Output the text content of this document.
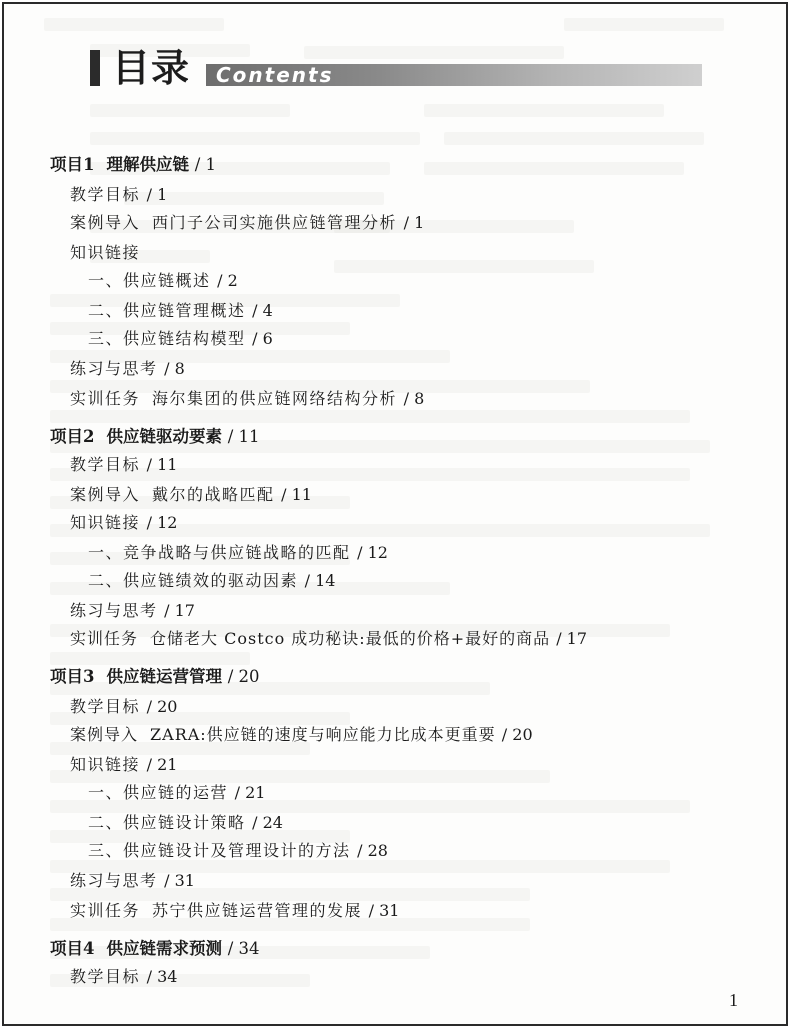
目录 Contents
项目1 理解供应链 / 1
教学目标 / 1
案例导入 西门子公司实施供应链管理分析 / 1
知识链接
一、供应链概述 / 2
二、供应链管理概述 / 4
三、供应链结构模型 / 6
练习与思考 / 8
实训任务 海尔集团的供应链网络结构分析 / 8
项目2 供应链驱动要素 / 11
教学目标 / 11
案例导入 戴尔的战略匹配 / 11
知识链接 / 12
一、竞争战略与供应链战略的匹配 / 12
二、供应链绩效的驱动因素 / 14
练习与思考 / 17
实训任务 仓储老大 Costco 成功秘诀:最低的价格+最好的商品 / 17
项目3 供应链运营管理 / 20
教学目标 / 20
案例导入 ZARA:供应链的速度与响应能力比成本更重要 / 20
知识链接 / 21
一、供应链的运营 / 21
二、供应链设计策略 / 24
三、供应链设计及管理设计的方法 / 28
练习与思考 / 31
实训任务 苏宁供应链运营管理的发展 / 31
项目4 供应链需求预测 / 34
教学目标 / 34
1
